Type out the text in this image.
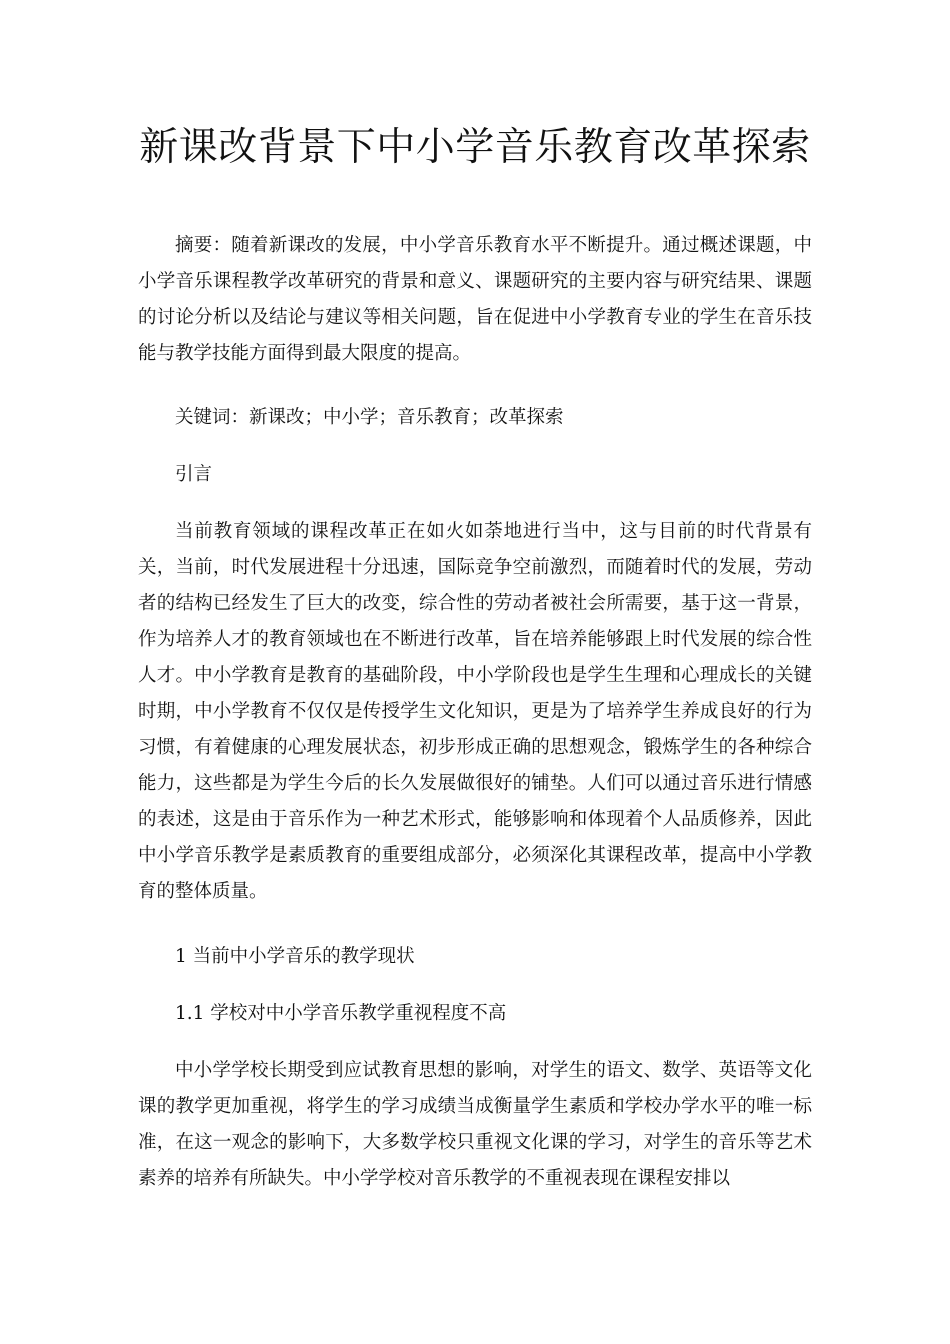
新课改背景下中小学音乐教育改革探索

摘要：随着新课改的发展，中小学音乐教育水平不断提升。通过概述课题，中小学音乐课程教学改革研究的背景和意义、课题研究的主要内容与研究结果、课题的讨论分析以及结论与建议等相关问题，旨在促进中小学教育专业的学生在音乐技能与教学技能方面得到最大限度的提高。

关键词：新课改；中小学；音乐教育；改革探索

引言

当前教育领域的课程改革正在如火如荼地进行当中，这与目前的时代背景有关，当前，时代发展进程十分迅速，国际竞争空前激烈，而随着时代的发展，劳动者的结构已经发生了巨大的改变，综合性的劳动者被社会所需要，基于这一背景，作为培养人才的教育领域也在不断进行改革，旨在培养能够跟上时代发展的综合性人才。中小学教育是教育的基础阶段，中小学阶段也是学生生理和心理成长的关键时期，中小学教育不仅仅是传授学生文化知识，更是为了培养学生养成良好的行为习惯，有着健康的心理发展状态，初步形成正确的思想观念，锻炼学生的各种综合能力，这些都是为学生今后的长久发展做很好的铺垫。人们可以通过音乐进行情感的表述，这是由于音乐作为一种艺术形式，能够影响和体现着个人品质修养，因此中小学音乐教学是素质教育的重要组成部分，必须深化其课程改革，提高中小学教育的整体质量。

1 当前中小学音乐的教学现状

1.1 学校对中小学音乐教学重视程度不高

中小学学校长期受到应试教育思想的影响，对学生的语文、数学、英语等文化课的教学更加重视，将学生的学习成绩当成衡量学生素质和学校办学水平的唯一标准，在这一观念的影响下，大多数学校只重视文化课的学习，对学生的音乐等艺术素养的培养有所缺失。中小学学校对音乐教学的不重视表现在课程安排以
